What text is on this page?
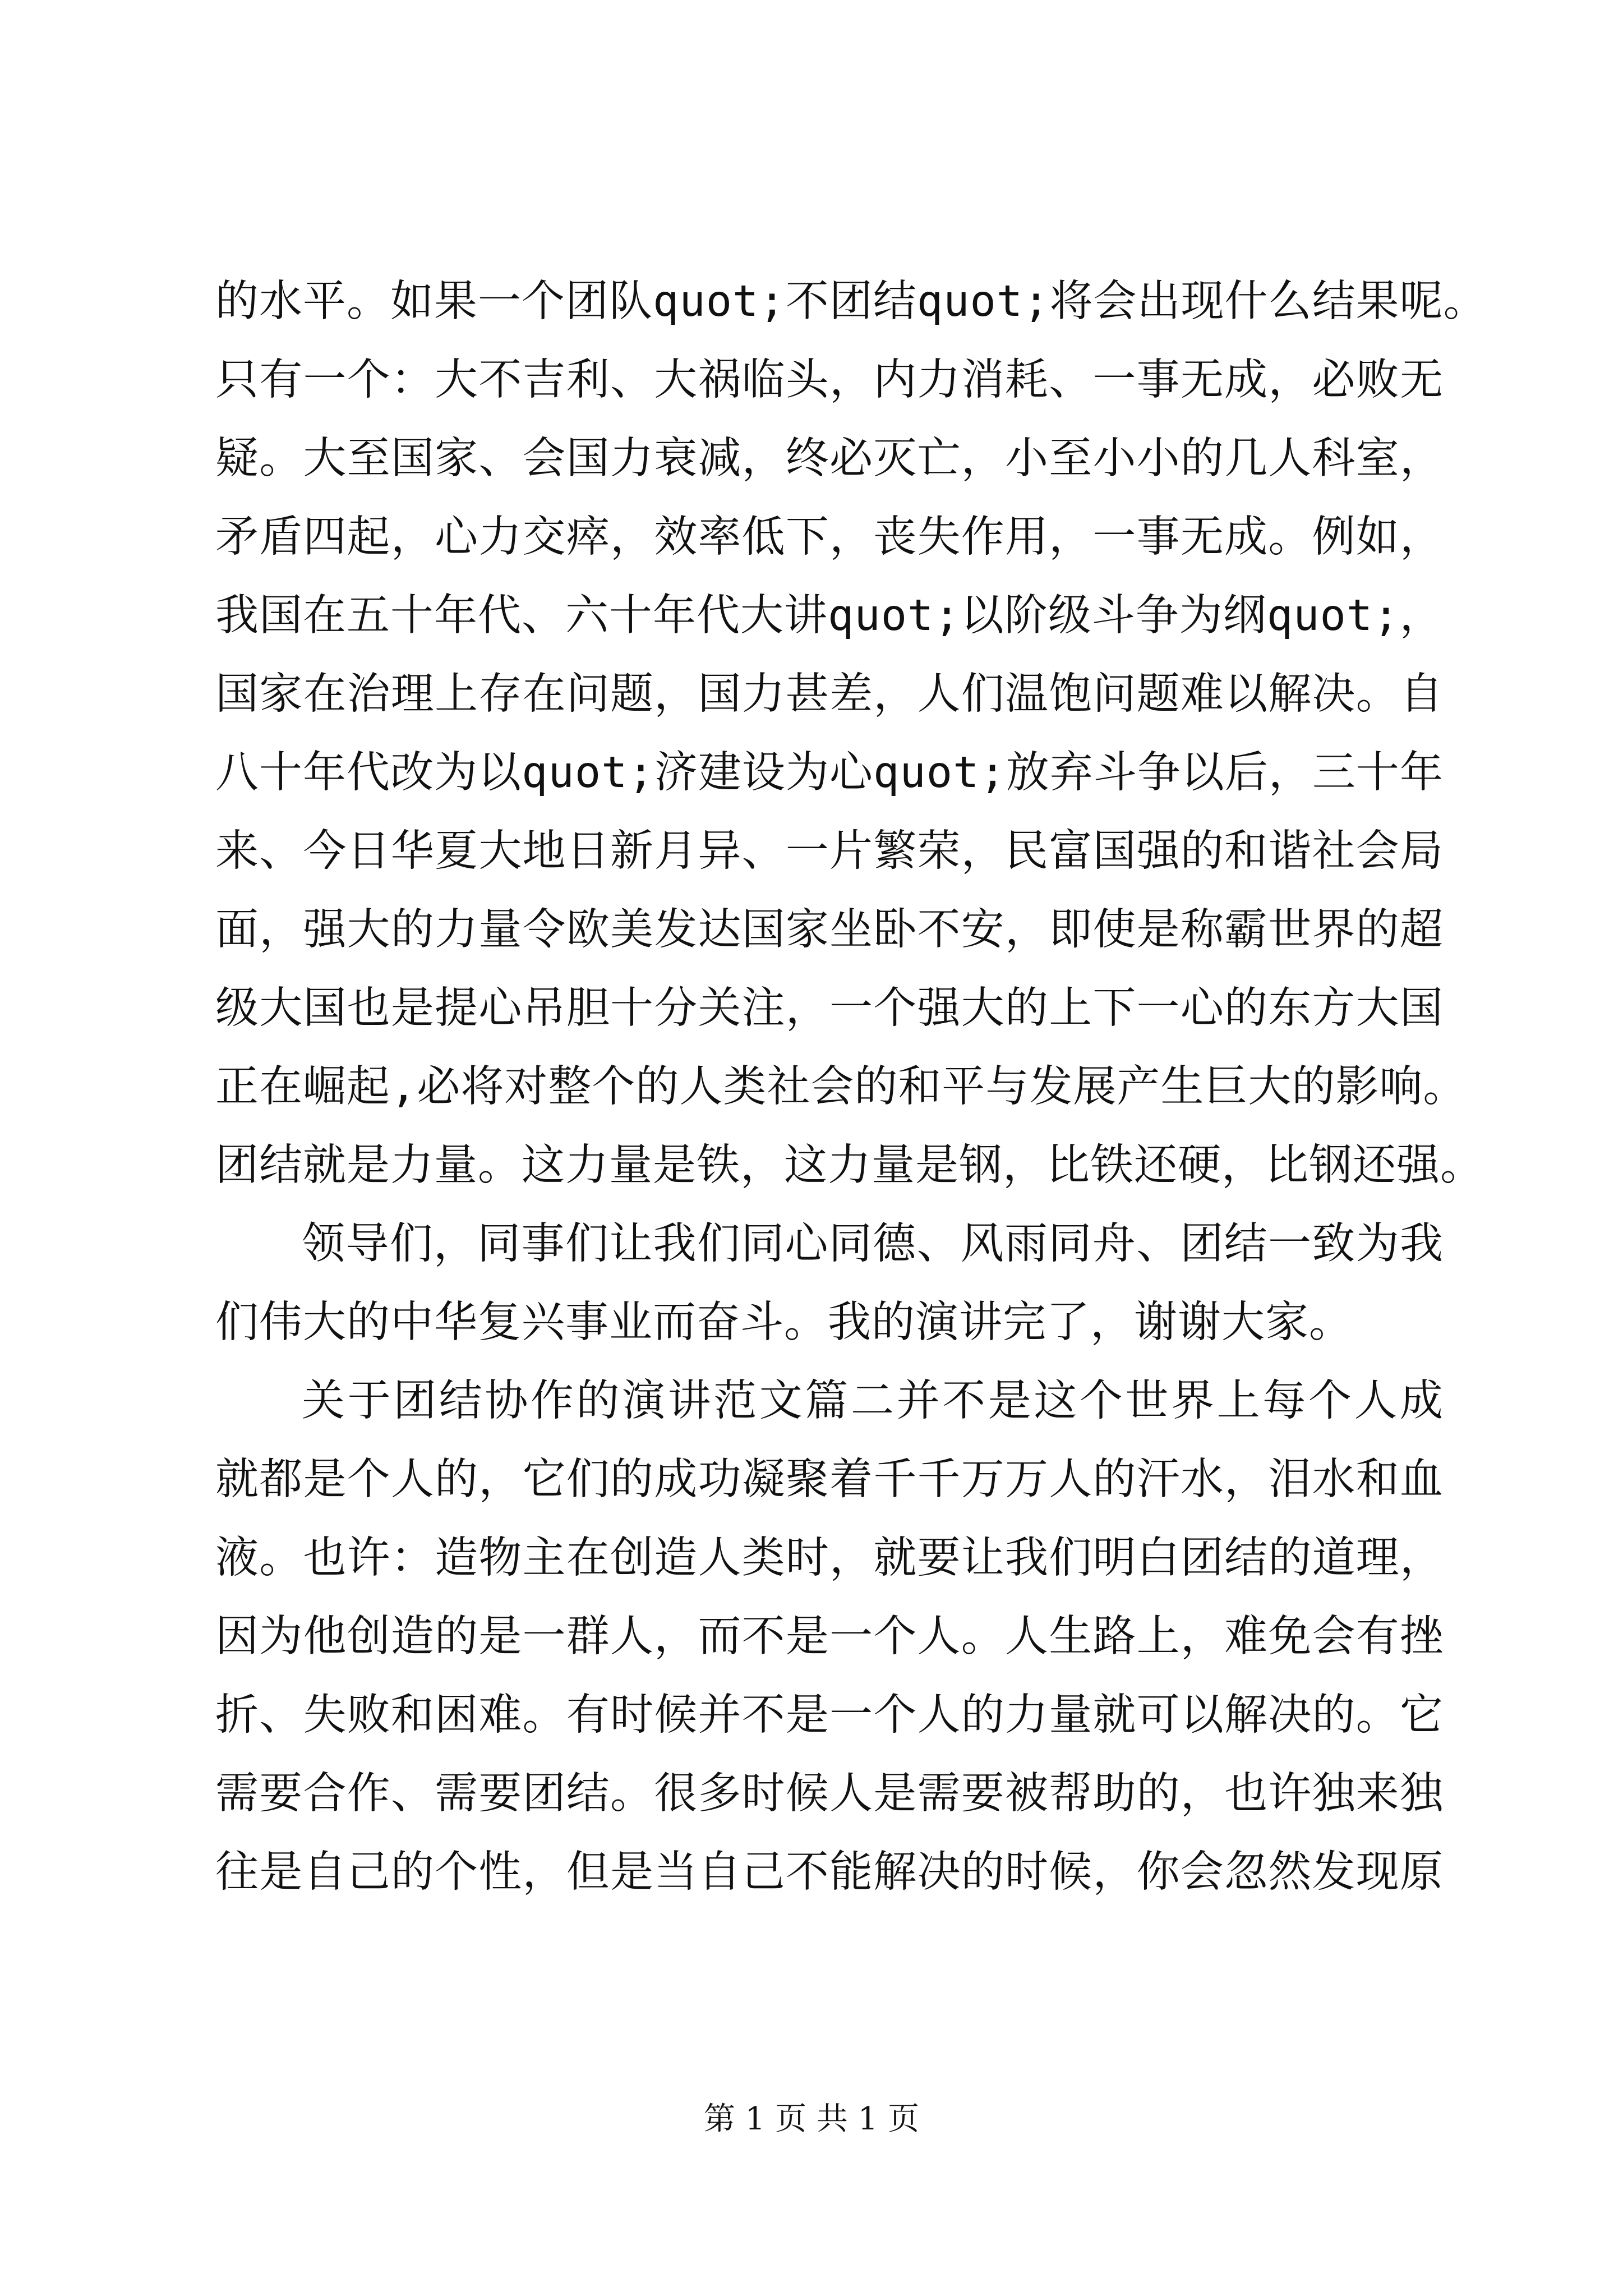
的水平。如果一个团队quot;不团结quot;将会出现什么结果呢。
只有一个：大不吉利、大祸临头，内力消耗、一事无成，必败无
疑。大至国家、会国力衰减，终必灭亡，小至小小的几人科室，
矛盾四起，心力交瘁，效率低下，丧失作用，一事无成。例如，
我国在五十年代、六十年代大讲quot;以阶级斗争为纲quot;，
国家在治理上存在问题，国力甚差，人们温饱问题难以解决。自
八十年代改为以quot;济建设为心quot;放弃斗争以后，三十年
来、今日华夏大地日新月异、一片繁荣，民富国强的和谐社会局
面，强大的力量令欧美发达国家坐卧不安，即使是称霸世界的超
级大国也是提心吊胆十分关注，一个强大的上下一心的东方大国
正在崛起,必将对整个的人类社会的和平与发展产生巨大的影响。
团结就是力量。这力量是铁，这力量是钢，比铁还硬，比钢还强。
领导们，同事们让我们同心同德、风雨同舟、团结一致为我
们伟大的中华复兴事业而奋斗。我的演讲完了，谢谢大家。
关于团结协作的演讲范文篇二并不是这个世界上每个人成
就都是个人的，它们的成功凝聚着千千万万人的汗水，泪水和血
液。也许：造物主在创造人类时，就要让我们明白团结的道理，
因为他创造的是一群人，而不是一个人。人生路上，难免会有挫
折、失败和困难。有时候并不是一个人的力量就可以解决的。它
需要合作、需要团结。很多时候人是需要被帮助的，也许独来独
往是自己的个性，但是当自己不能解决的时候，你会忽然发现原
第 1 页 共 1 页
